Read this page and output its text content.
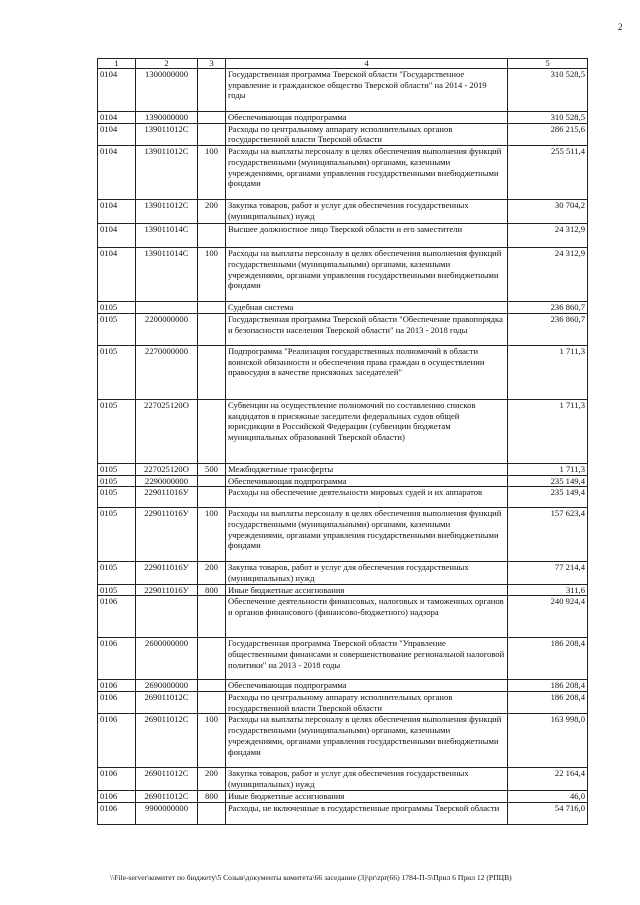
2
1	2	3	4	5
0104	1300000000		Государственная программа Тверской области "Государственное управление и гражданское общество Тверской области" на 2014 - 2019 годы	310 528,5
0104	1390000000		Обеспечивающая подпрограмма	310 528,5
0104	139011012С		Расходы по центральному аппарату исполнительных органов государственной власти Тверской области	286 215,6
0104	139011012С	100	Расходы на выплаты персоналу в целях обеспечения выполнения функций государственными (муниципальными) органами, казенными учреждениями, органами управления государственными внебюджетными фондами	255 511,4
0104	139011012С	200	Закупка товаров, работ и услуг для обеспечения государственных (муниципальных) нужд	30 704,2
0104	139011014С		Высшее должностное лицо Тверской области и его заместители	24 312,9
0104	139011014С	100	Расходы на выплаты персоналу в целях обеспечения выполнения функций государственными (муниципальными) органами, казенными учреждениями, органами управления государственными внебюджетными фондами	24 312,9
0105			Судебная система	236 860,7
0105	2200000000		Государственная программа Тверской области "Обеспечение правопорядка и безопасности населения Тверской области" на 2013 - 2018 годы	236 860,7
0105	2270000000		Подпрограмма "Реализация государственных полномочий в области воинской обязанности и обеспечения права граждан в осуществлении правосудия в качестве присяжных заседателей"	1 711,3
0105	227025120О		Субвенции на осуществление полномочий по составлению списков кандидатов в присяжные заседатели федеральных судов общей юрисдикции в Российской Федерации (субвенции бюджетам муниципальных образований Тверской области)	1 711,3
0105	227025120О	500	Межбюджетные трансферты	1 711,3
0105	2290000000		Обеспечивающая подпрограмма	235 149,4
0105	229011016У		Расходы на обеспечение деятельности мировых судей и их аппаратов	235 149,4
0105	229011016У	100	Расходы на выплаты персоналу в целях обеспечения выполнения функций государственными (муниципальными) органами, казенными учреждениями, органами управления государственными внебюджетными фондами	157 623,4
0105	229011016У	200	Закупка товаров, работ и услуг для обеспечения государственных (муниципальных) нужд	77 214,4
0105	229011016У	800	Иные бюджетные ассигнования	311,6
0106			Обеспечение деятельности финансовых, налоговых и таможенных органов и органов финансового (финансово-бюджетного) надзора	240 924,4
0106	2600000000		Государственная программа Тверской области "Управление общественными финансами и совершенствование региональной налоговой политики" на 2013 - 2018 годы	186 208,4
0106	2690000000		Обеспечивающая подпрограмма	186 208,4
0106	269011012С		Расходы по центральному аппарату исполнительных органов государственной власти Тверской области	186 208,4
0106	269011012С	100	Расходы на выплаты персоналу в целях обеспечения выполнения функций государственными (муниципальными) органами, казенными учреждениями, органами управления государственными внебюджетными фондами	163 998,0
0106	269011012С	200	Закупка товаров, работ и услуг для обеспечения государственных (муниципальных) нужд	22 164,4
0106	269011012С	800	Иные бюджетные ассигнования	46,0
0106	9900000000		Расходы, не включенные в государственные программы Тверской области	54 716,0
\\File-server\комитет по бюджету\5 Созыв\документы комитета\66 заседание (3)\pr\zpr(66) 1784-П-5\Прил 6 Прил 12 (РПЦВ)
